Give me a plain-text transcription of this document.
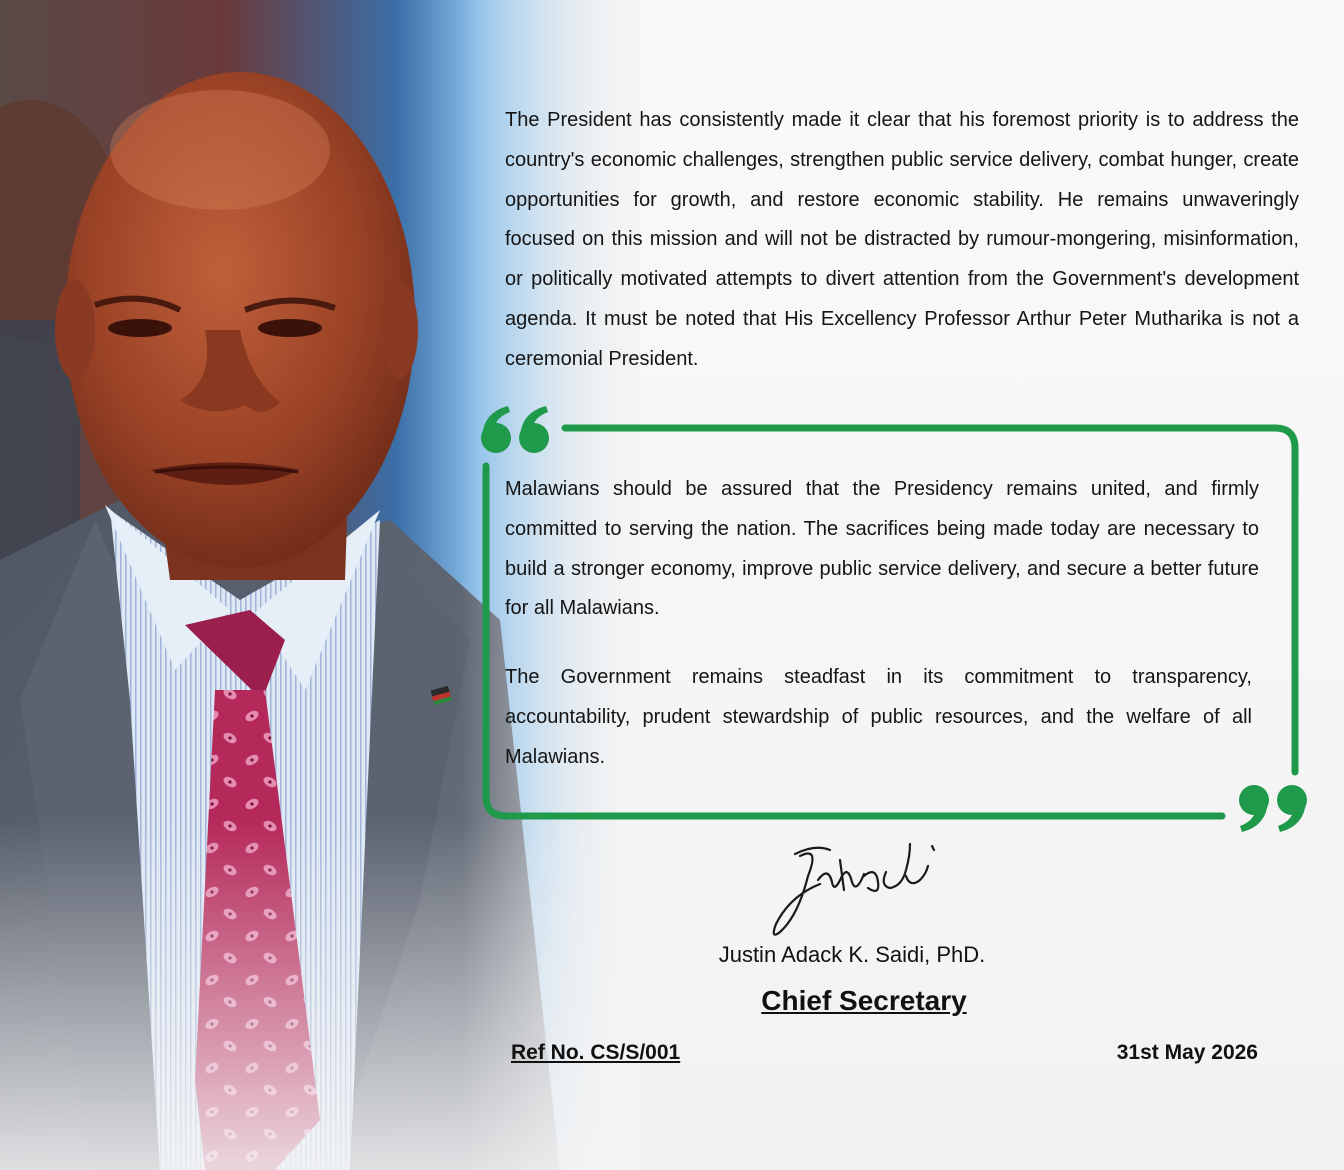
The President has consistently made it clear that his foremost priority is to address the country's economic challenges, strengthen public service delivery, combat hunger, create opportunities for growth, and restore economic stability. He remains unwaveringly focused on this mission and will not be distracted by rumour-mongering, misinformation, or politically motivated attempts to divert attention from the Government's development agenda. It must be noted that His Excellency Professor Arthur Peter Mutharika is not a ceremonial President.

Malawians should be assured that the Presidency remains united, and firmly committed to serving the nation. The sacrifices being made today are necessary to build a stronger economy, improve public service delivery, and secure a better future for all Malawians.

The Government remains steadfast in its commitment to transparency, accountability, prudent stewardship of public resources, and the welfare of all Malawians.

Justin Adack K. Saidi, PhD.
Chief Secretary
Ref No. CS/S/001	31st May 2026
